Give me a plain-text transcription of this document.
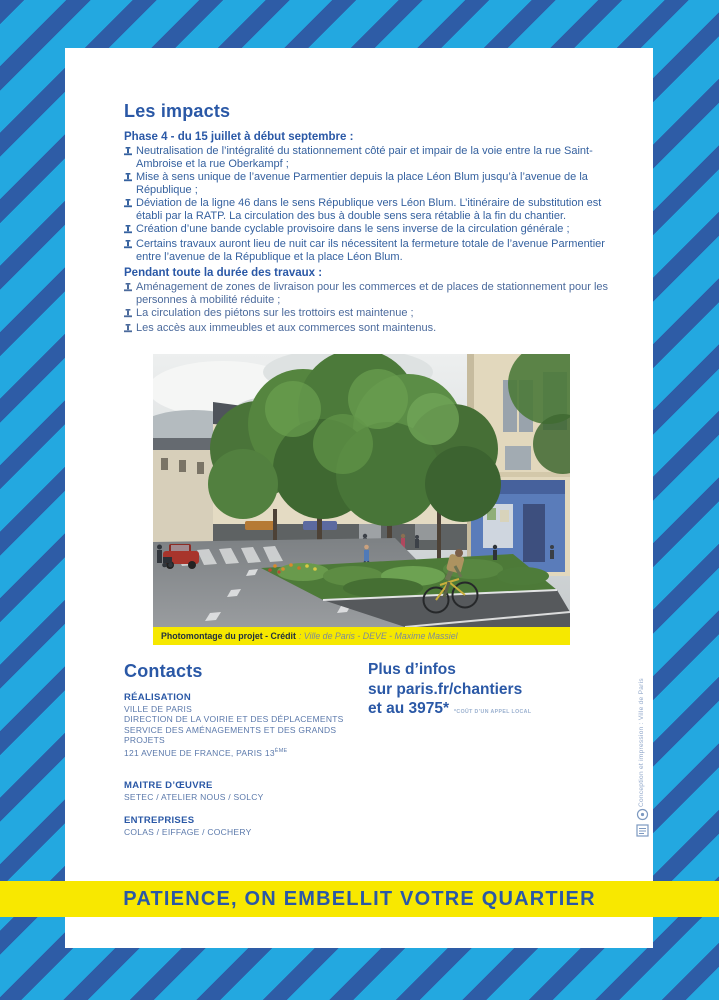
Les impacts
Phase 4 - du 15 juillet à début septembre :
Neutralisation de l’intégralité du stationnement côté pair et impair de la voie entre la rue Saint-Ambroise et la rue Oberkampf ;
Mise à sens unique de l’avenue Parmentier depuis la place Léon Blum jusqu’à l’avenue de la République ;
Déviation de la ligne 46 dans le sens République vers Léon Blum. L’itinéraire de substitution est établi par la RATP. La circulation des bus à double sens sera rétablie à la fin du chantier.
Création d’une bande cyclable provisoire dans le sens inverse de la circulation générale ;
Certains travaux auront lieu de nuit car ils nécessitent la fermeture totale de l’avenue Parmentier entre l’avenue de la République et la place Léon Blum.
Pendant toute la durée des travaux :
Aménagement de zones de livraison pour les commerces et de places de stationnement pour les personnes à mobilité réduite ;
La circulation des piétons sur les trottoirs est maintenue ;
Les accès aux immeubles et aux commerces sont maintenus.
Photomontage du projet - Crédit : Ville de Paris - DEVE - Maxime Massiel
Contacts
RÉALISATION
VILLE DE PARIS
DIRECTION DE LA VOIRIE ET DES DÉPLACEMENTS
SERVICE DES AMÉNAGEMENTS ET DES GRANDS PROJETS
121 AVENUE DE FRANCE, PARIS 13ÈME
MAITRE D’ŒUVRE
SETEC / ATELIER NOUS / SOLCY
ENTREPRISES
COLAS / EIFFAGE / COCHERY
Plus d’infos
sur paris.fr/chantiers
et au 3975* *COÛT D’UN APPEL LOCAL	Conception et impression : Ville de Paris
PATIENCE, ON EMBELLIT VOTRE QUARTIER
